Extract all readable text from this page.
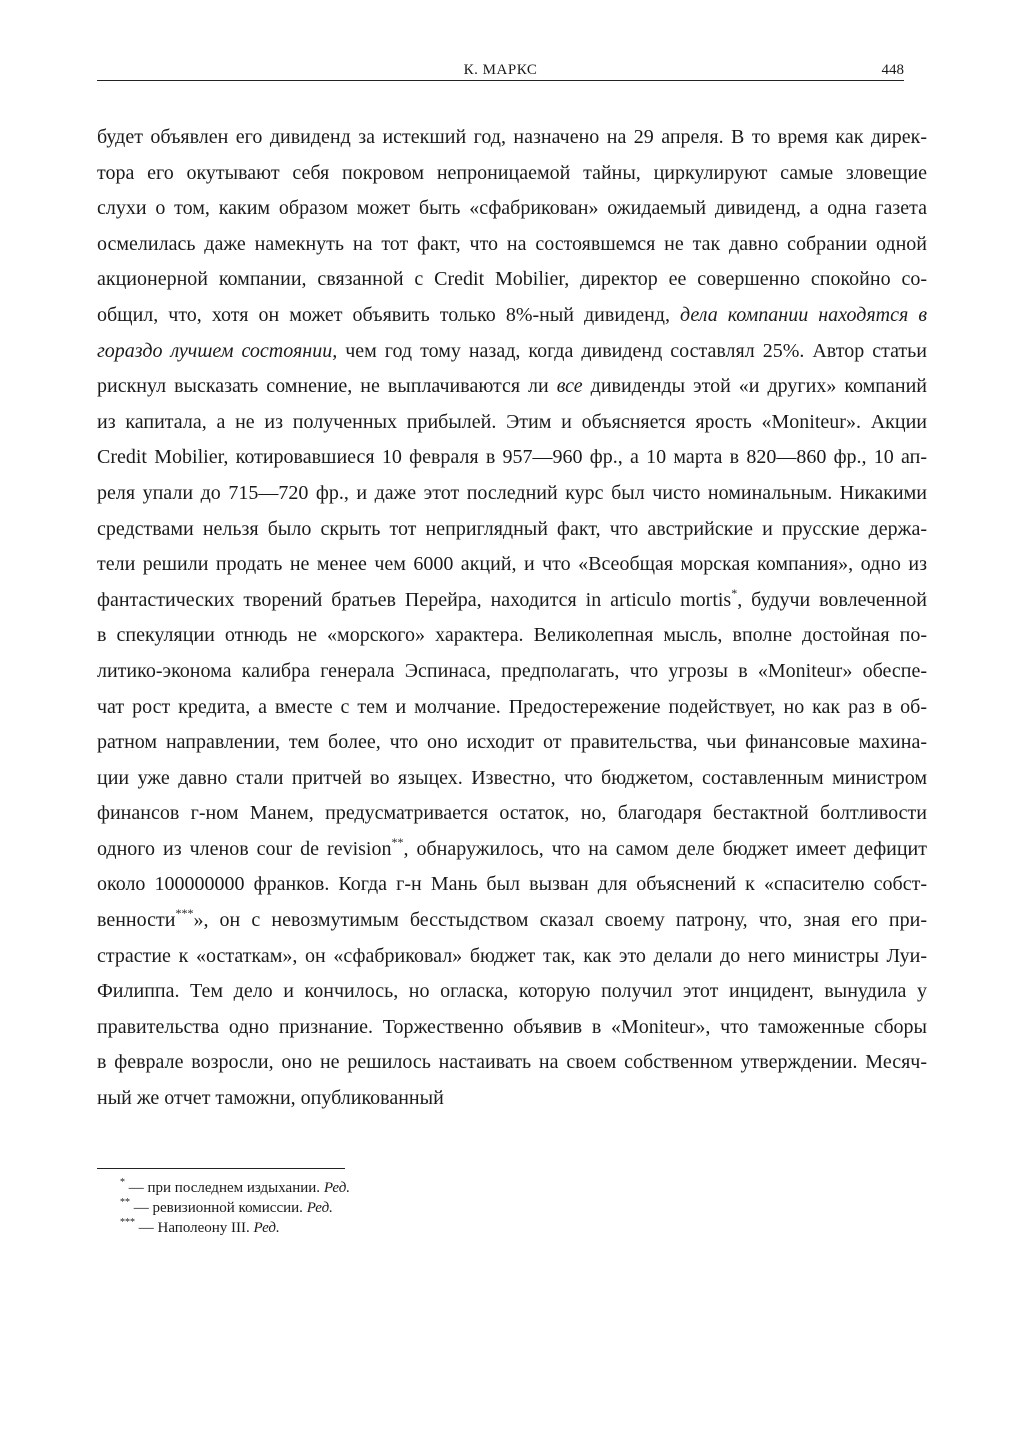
К. МАРКС	448
будет объявлен его дивиденд за истекший год, назначено на 29 апреля. В то время как дирек-
тора его окутывают себя покровом непроницаемой тайны, циркулируют самые зловещие
слухи о том, каким образом может быть «сфабрикован» ожидаемый дивиденд, а одна газета
осмелилась даже намекнуть на тот факт, что на состоявшемся не так давно собрании одной
акционерной компании, связанной с Credit Mobilier, директор ее совершенно спокойно со-
общил, что, хотя он может объявить только 8%-ный дивиденд, дела компании находятся в
гораздо лучшем состоянии, чем год тому назад, когда дивиденд составлял 25%. Автор статьи
рискнул высказать сомнение, не выплачиваются ли все дивиденды этой «и других» компаний
из капитала, а не из полученных прибылей. Этим и объясняется ярость «Moniteur». Акции
Credit Mobilier, котировавшиеся 10 февраля в 957—960 фр., а 10 марта в 820—860 фр., 10 ап-
реля упали до 715—720 фр., и даже этот последний курс был чисто номинальным. Никакими
средствами нельзя было скрыть тот неприглядный факт, что австрийские и прусские держа-
тели решили продать не менее чем 6000 акций, и что «Всеобщая морская компания», одно из
фантастических творений братьев Перейра, находится in articulo mortis*, будучи вовлеченной
в спекуляции отнюдь не «морского» характера. Великолепная мысль, вполне достойная по-
литико-эконома калибра генерала Эспинаса, предполагать, что угрозы в «Moniteur» обеспе-
чат рост кредита, а вместе с тем и молчание. Предостережение подействует, но как раз в об-
ратном направлении, тем более, что оно исходит от правительства, чьи финансовые махина-
ции уже давно стали притчей во языцех. Известно, что бюджетом, составленным министром
финансов г-ном Манем, предусматривается остаток, но, благодаря бестактной болтливости
одного из членов cour de revision**, обнаружилось, что на самом деле бюджет имеет дефицит
около 100000000 франков. Когда г-н Мань был вызван для объяснений к «спасителю собст-
венности***», он с невозмутимым бесстыдством сказал своему патрону, что, зная его при-
страстие к «остаткам», он «сфабриковал» бюджет так, как это делали до него министры Луи-
Филиппа. Тем дело и кончилось, но огласка, которую получил этот инцидент, вынудила у
правительства одно признание. Торжественно объявив в «Moniteur», что таможенные сборы
в феврале возросли, оно не решилось настаивать на своем собственном утверждении. Месяч-
ный же отчет таможни, опубликованный
* — при последнем издыхании. Ред.
** — ревизионной комиссии. Ред.
*** — Наполеону III. Ред.
